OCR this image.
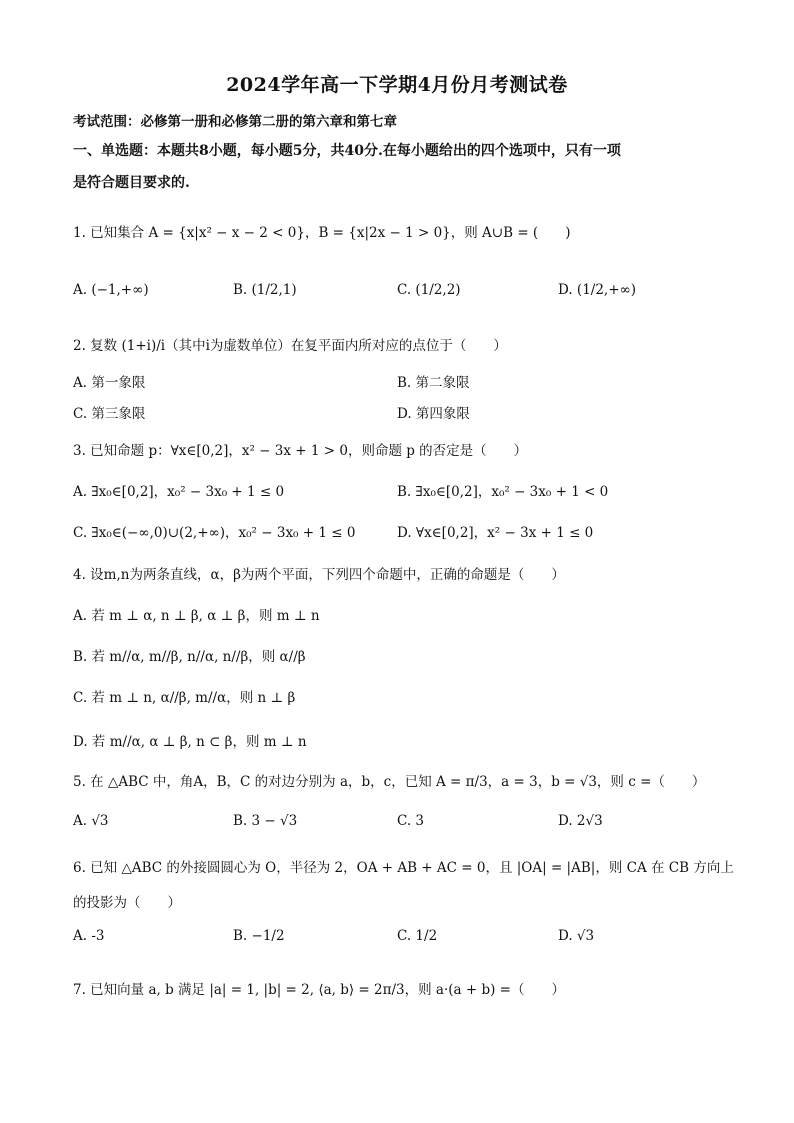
2024学年高一下学期4月份月考测试卷
考试范围：必修第一册和必修第二册的第六章和第七章
一、单选题：本题共8小题，每小题5分，共40分.在每小题给出的四个选项中，只有一项
是符合题目要求的.
1. 已知集合 A = {x|x² − x − 2 < 0}，B = {x|2x − 1 > 0}，则 A∪B = (　　)
A. (−1,+∞)	B. (1/2,1)	C. (1/2,2)	D. (1/2,+∞)
2. 复数 (1+i)/i（其中i为虚数单位）在复平面内所对应的点位于（　　）
A. 第一象限	B. 第二象限
C. 第三象限	D. 第四象限
3. 已知命题 p：∀x∈[0,2]，x² − 3x + 1 > 0，则命题 p 的否定是（　　）
A. ∃x₀∈[0,2]，x₀² − 3x₀ + 1 ≤ 0	B. ∃x₀∈[0,2]，x₀² − 3x₀ + 1 < 0
C. ∃x₀∈(−∞,0)∪(2,+∞)，x₀² − 3x₀ + 1 ≤ 0	D. ∀x∈[0,2]，x² − 3x + 1 ≤ 0
4. 设m,n为两条直线，α，β为两个平面，下列四个命题中，正确的命题是（　　）
A. 若 m ⊥ α, n ⊥ β, α ⊥ β，则 m ⊥ n
B. 若 m//α, m//β, n//α, n//β，则 α//β
C. 若 m ⊥ n, α//β, m//α，则 n ⊥ β
D. 若 m//α, α ⊥ β, n ⊂ β，则 m ⊥ n
5. 在 △ABC 中，角A，B，C 的对边分别为 a，b，c，已知 A = π/3，a = 3，b = √3，则 c =（　　）
A. √3	B. 3 − √3	C. 3	D. 2√3
6. 已知 △ABC 的外接圆圆心为 O，半径为 2，OA + AB + AC = 0，且 |OA| = |AB|，则 CA 在 CB 方向上
的投影为（　　）
A. -3	B. −1/2	C. 1/2	D. √3
7. 已知向量 a, b 满足 |a| = 1, |b| = 2, ⟨a, b⟩ = 2π/3，则 a·(a + b) =（　　）
